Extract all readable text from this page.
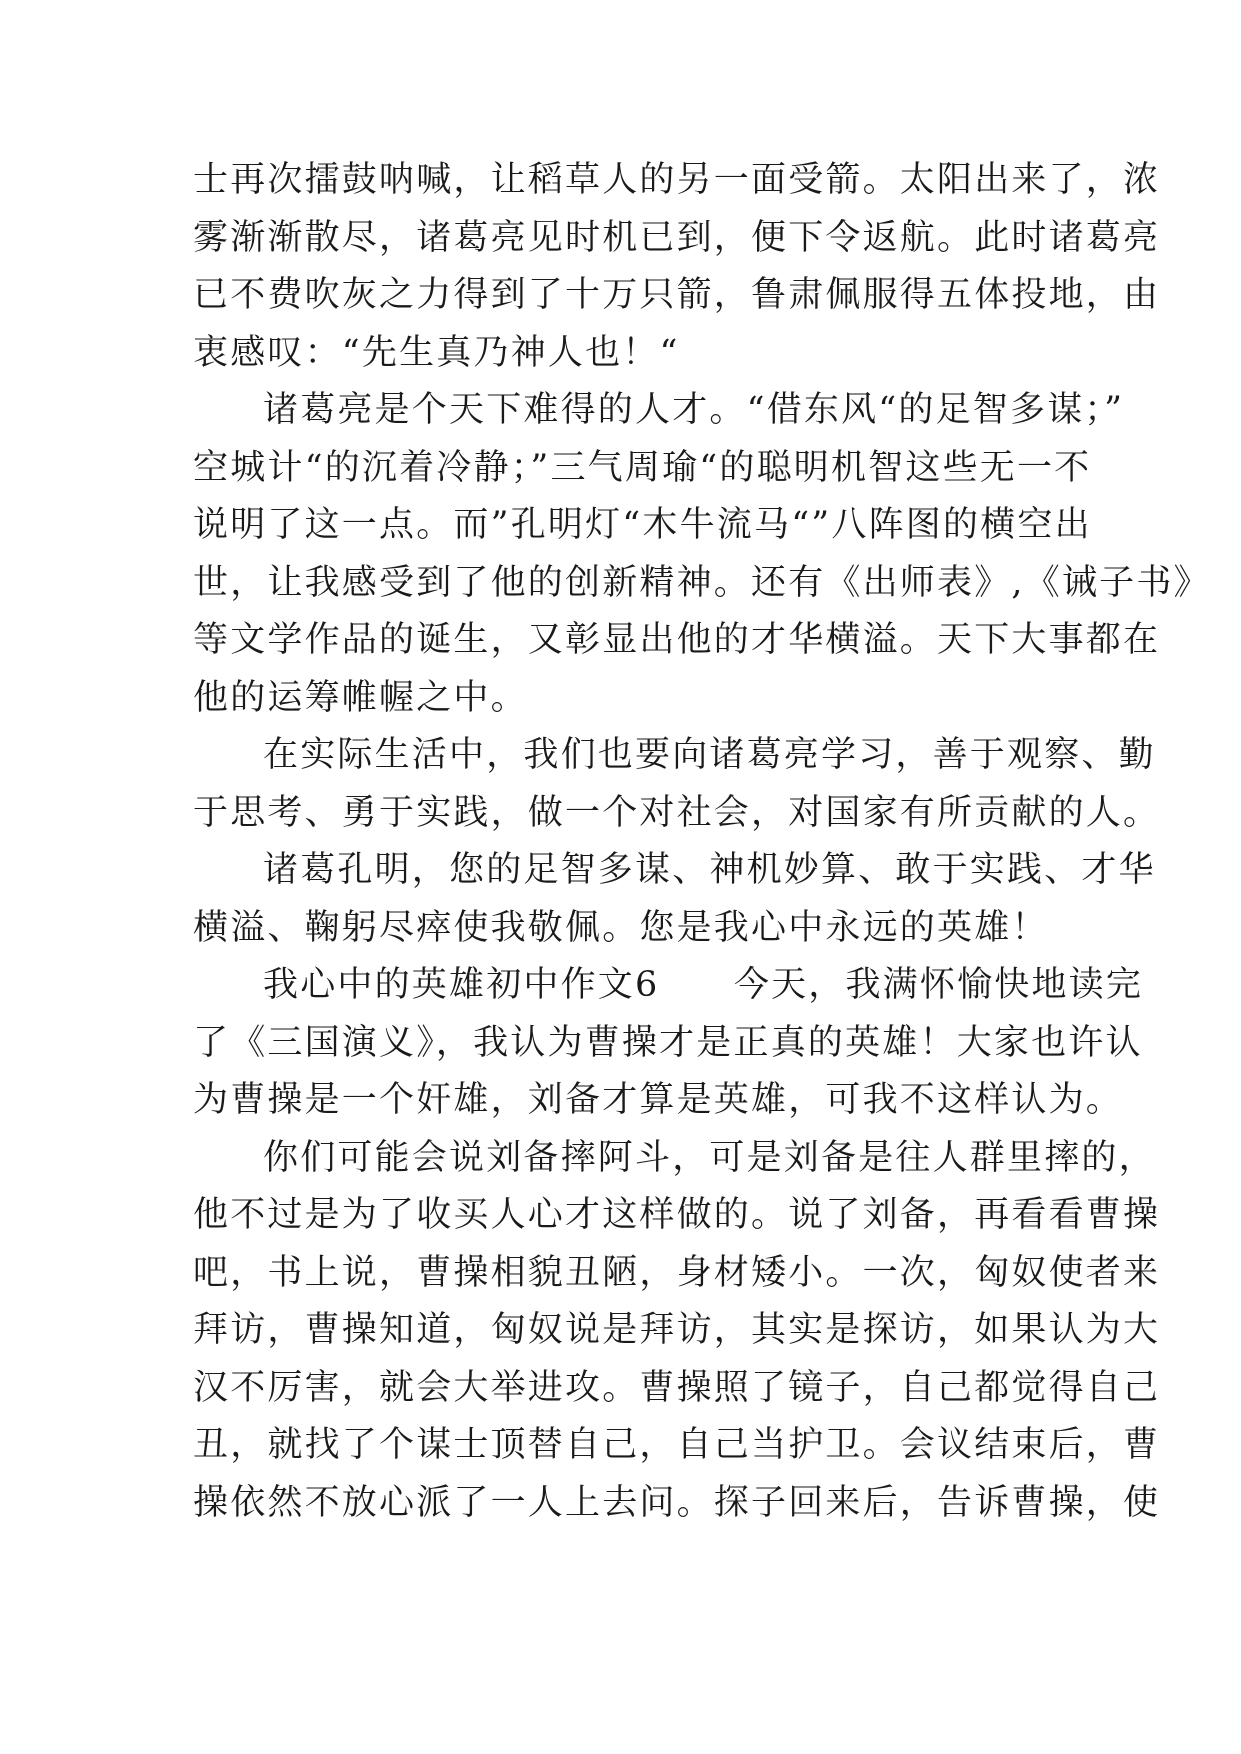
士再次擂鼓呐喊，让稻草人的另一面受箭。太阳出来了，浓
雾渐渐散尽，诸葛亮见时机已到，便下令返航。此时诸葛亮
已不费吹灰之力得到了十万只箭，鲁肃佩服得五体投地，由
衷感叹：“先生真乃神人也！“
诸葛亮是个天下难得的人才。“借东风“的足智多谋；”
空城计“的沉着冷静；”三气周瑜“的聪明机智这些无一不
说明了这一点。而”孔明灯“木牛流马“”八阵图的横空出
世，让我感受到了他的创新精神。还有《出师表》,《诫子书》
等文学作品的诞生，又彰显出他的才华横溢。天下大事都在
他的运筹帷幄之中。
在实际生活中，我们也要向诸葛亮学习，善于观察、勤
于思考、勇于实践，做一个对社会，对国家有所贡献的人。
诸葛孔明，您的足智多谋、神机妙算、敢于实践、才华
横溢、鞠躬尽瘁使我敬佩。您是我心中永远的英雄！
我心中的英雄初中作文6　　今天，我满怀愉快地读完
了《三国演义》，我认为曹操才是正真的英雄！大家也许认
为曹操是一个奸雄，刘备才算是英雄，可我不这样认为。
你们可能会说刘备摔阿斗，可是刘备是往人群里摔的，
他不过是为了收买人心才这样做的。说了刘备，再看看曹操
吧，书上说，曹操相貌丑陋，身材矮小。一次，匈奴使者来
拜访，曹操知道，匈奴说是拜访，其实是探访，如果认为大
汉不厉害，就会大举进攻。曹操照了镜子，自己都觉得自己
丑，就找了个谋士顶替自己，自己当护卫。会议结束后，曹
操依然不放心派了一人上去问。探子回来后，告诉曹操，使
